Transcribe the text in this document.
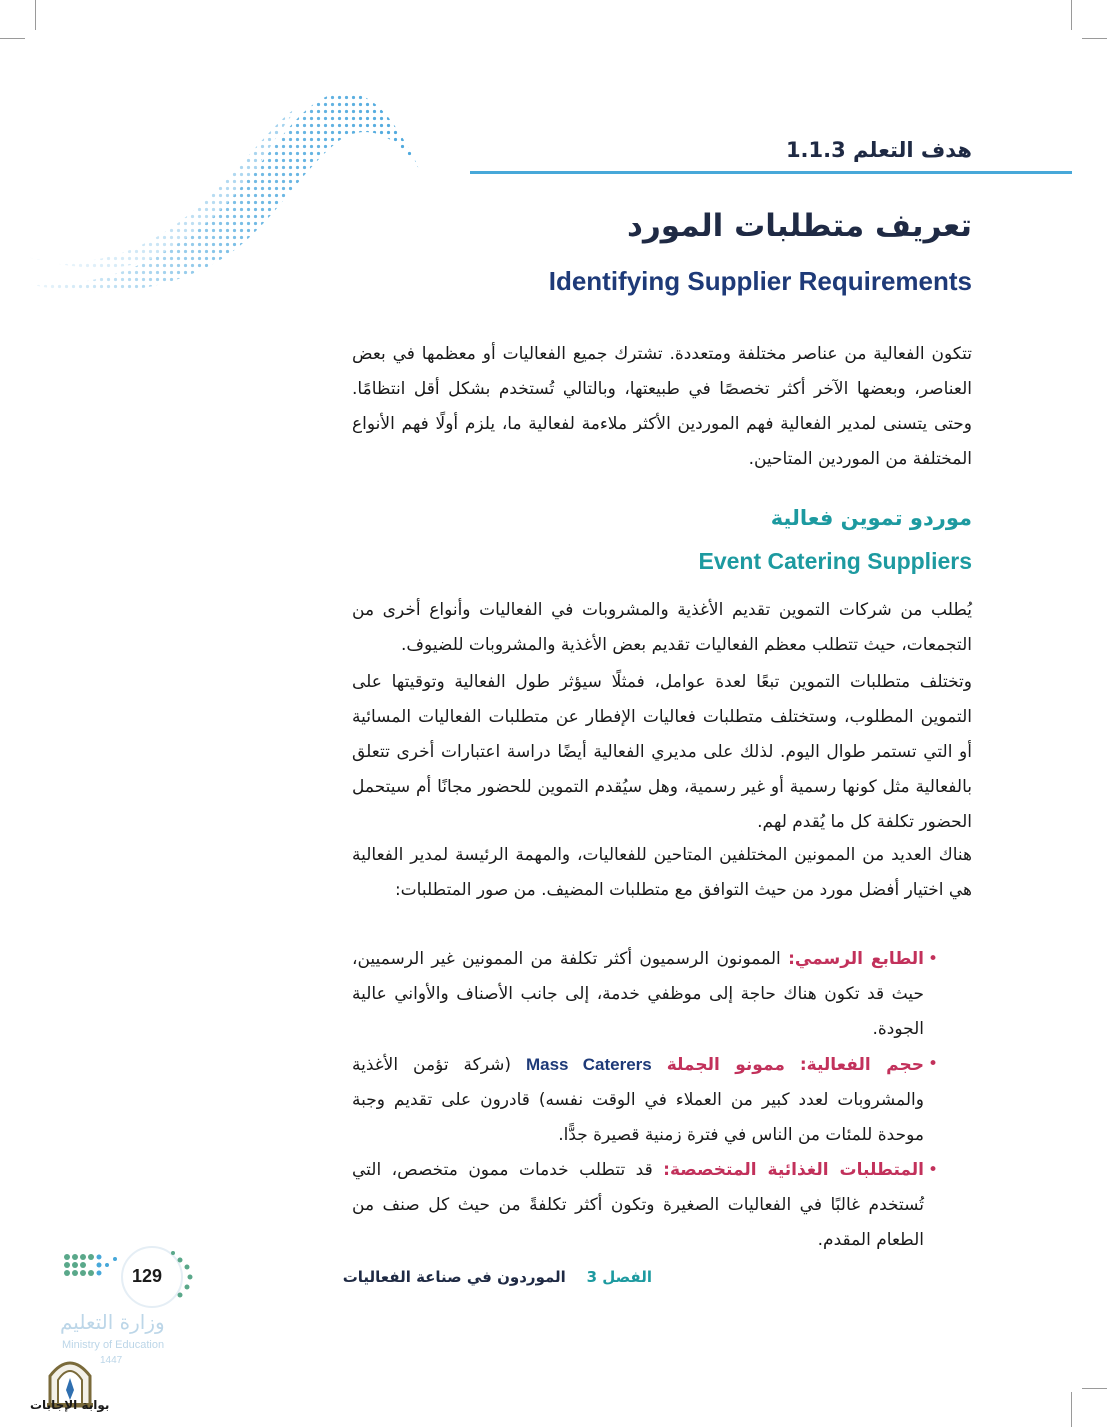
هدف التعلم 1.1.3
تعريف متطلبات المورد
Identifying Supplier Requirements

تتكون الفعالية من عناصر مختلفة ومتعددة. تشترك جميع الفعاليات أو معظمها في بعض العناصر، وبعضها الآخر أكثر تخصصًا في طبيعتها، وبالتالي تُستخدم بشكل أقل انتظامًا. وحتى يتسنى لمدير الفعالية فهم الموردين الأكثر ملاءمة لفعالية ما، يلزم أولًا فهم الأنواع المختلفة من الموردين المتاحين.

موردو تموين فعالية
Event Catering Suppliers

يُطلب من شركات التموين تقديم الأغذية والمشروبات في الفعاليات وأنواع أخرى من التجمعات، حيث تتطلب معظم الفعاليات تقديم بعض الأغذية والمشروبات للضيوف.

وتختلف متطلبات التموين تبعًا لعدة عوامل، فمثلًا سيؤثر طول الفعالية وتوقيتها على التموين المطلوب، وستختلف متطلبات فعاليات الإفطار عن متطلبات الفعاليات المسائية أو التي تستمر طوال اليوم. لذلك على مديري الفعالية أيضًا دراسة اعتبارات أخرى تتعلق بالفعالية مثل كونها رسمية أو غير رسمية، وهل سيُقدم التموين للحضور مجانًا أم سيتحمل الحضور تكلفة كل ما يُقدم لهم.

هناك العديد من الممونين المختلفين المتاحين للفعاليات، والمهمة الرئيسة لمدير الفعالية هي اختيار أفضل مورد من حيث التوافق مع متطلبات المضيف. من صور المتطلبات:

•
الطابع الرسمي: الممونون الرسميون أكثر تكلفة من الممونين غير الرسميين، حيث قد تكون هناك حاجة إلى موظفي خدمة، إلى جانب الأصناف والأواني عالية الجودة.
•
حجم الفعالية: ممونو الجملة Mass Caterers (شركة تؤمن الأغذية والمشروبات لعدد كبير من العملاء في الوقت نفسه) قادرون على تقديم وجبة موحدة للمئات من الناس في فترة زمنية قصيرة جدًّا.
•
المتطلبات الغذائية المتخصصة: قد تتطلب خدمات ممون متخصص، التي تُستخدم غالبًا في الفعاليات الصغيرة وتكون أكثر تكلفةً من حيث كل صنف من الطعام المقدم.
الفصل 3 الموردون في صناعة الفعاليات
129
وزارة التعليم
Ministry of Education
1447
بوابة الإجابات
